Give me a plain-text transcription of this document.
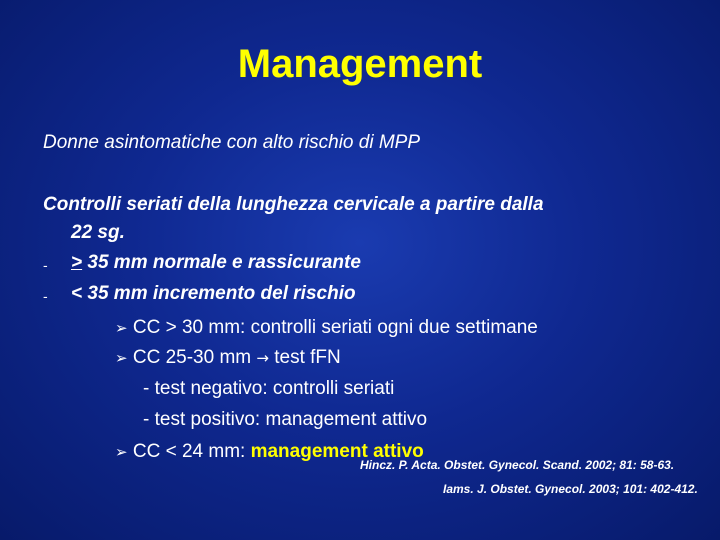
Management
Donne asintomatiche con alto rischio di MPP
Controlli seriati della lunghezza cervicale a partire dalla
22 sg.
- > 35 mm normale e rassicurante
- < 35 mm incremento del rischio
➢ CC > 30 mm: controlli seriati ogni due settimane
➢ CC 25-30 mm → test fFN
- test negativo: controlli seriati
- test positivo: management attivo
➢ CC < 24 mm: management attivo
Hincz. P. Acta. Obstet. Gynecol. Scand. 2002; 81: 58-63.
Iams. J. Obstet. Gynecol. 2003; 101: 402-412.
